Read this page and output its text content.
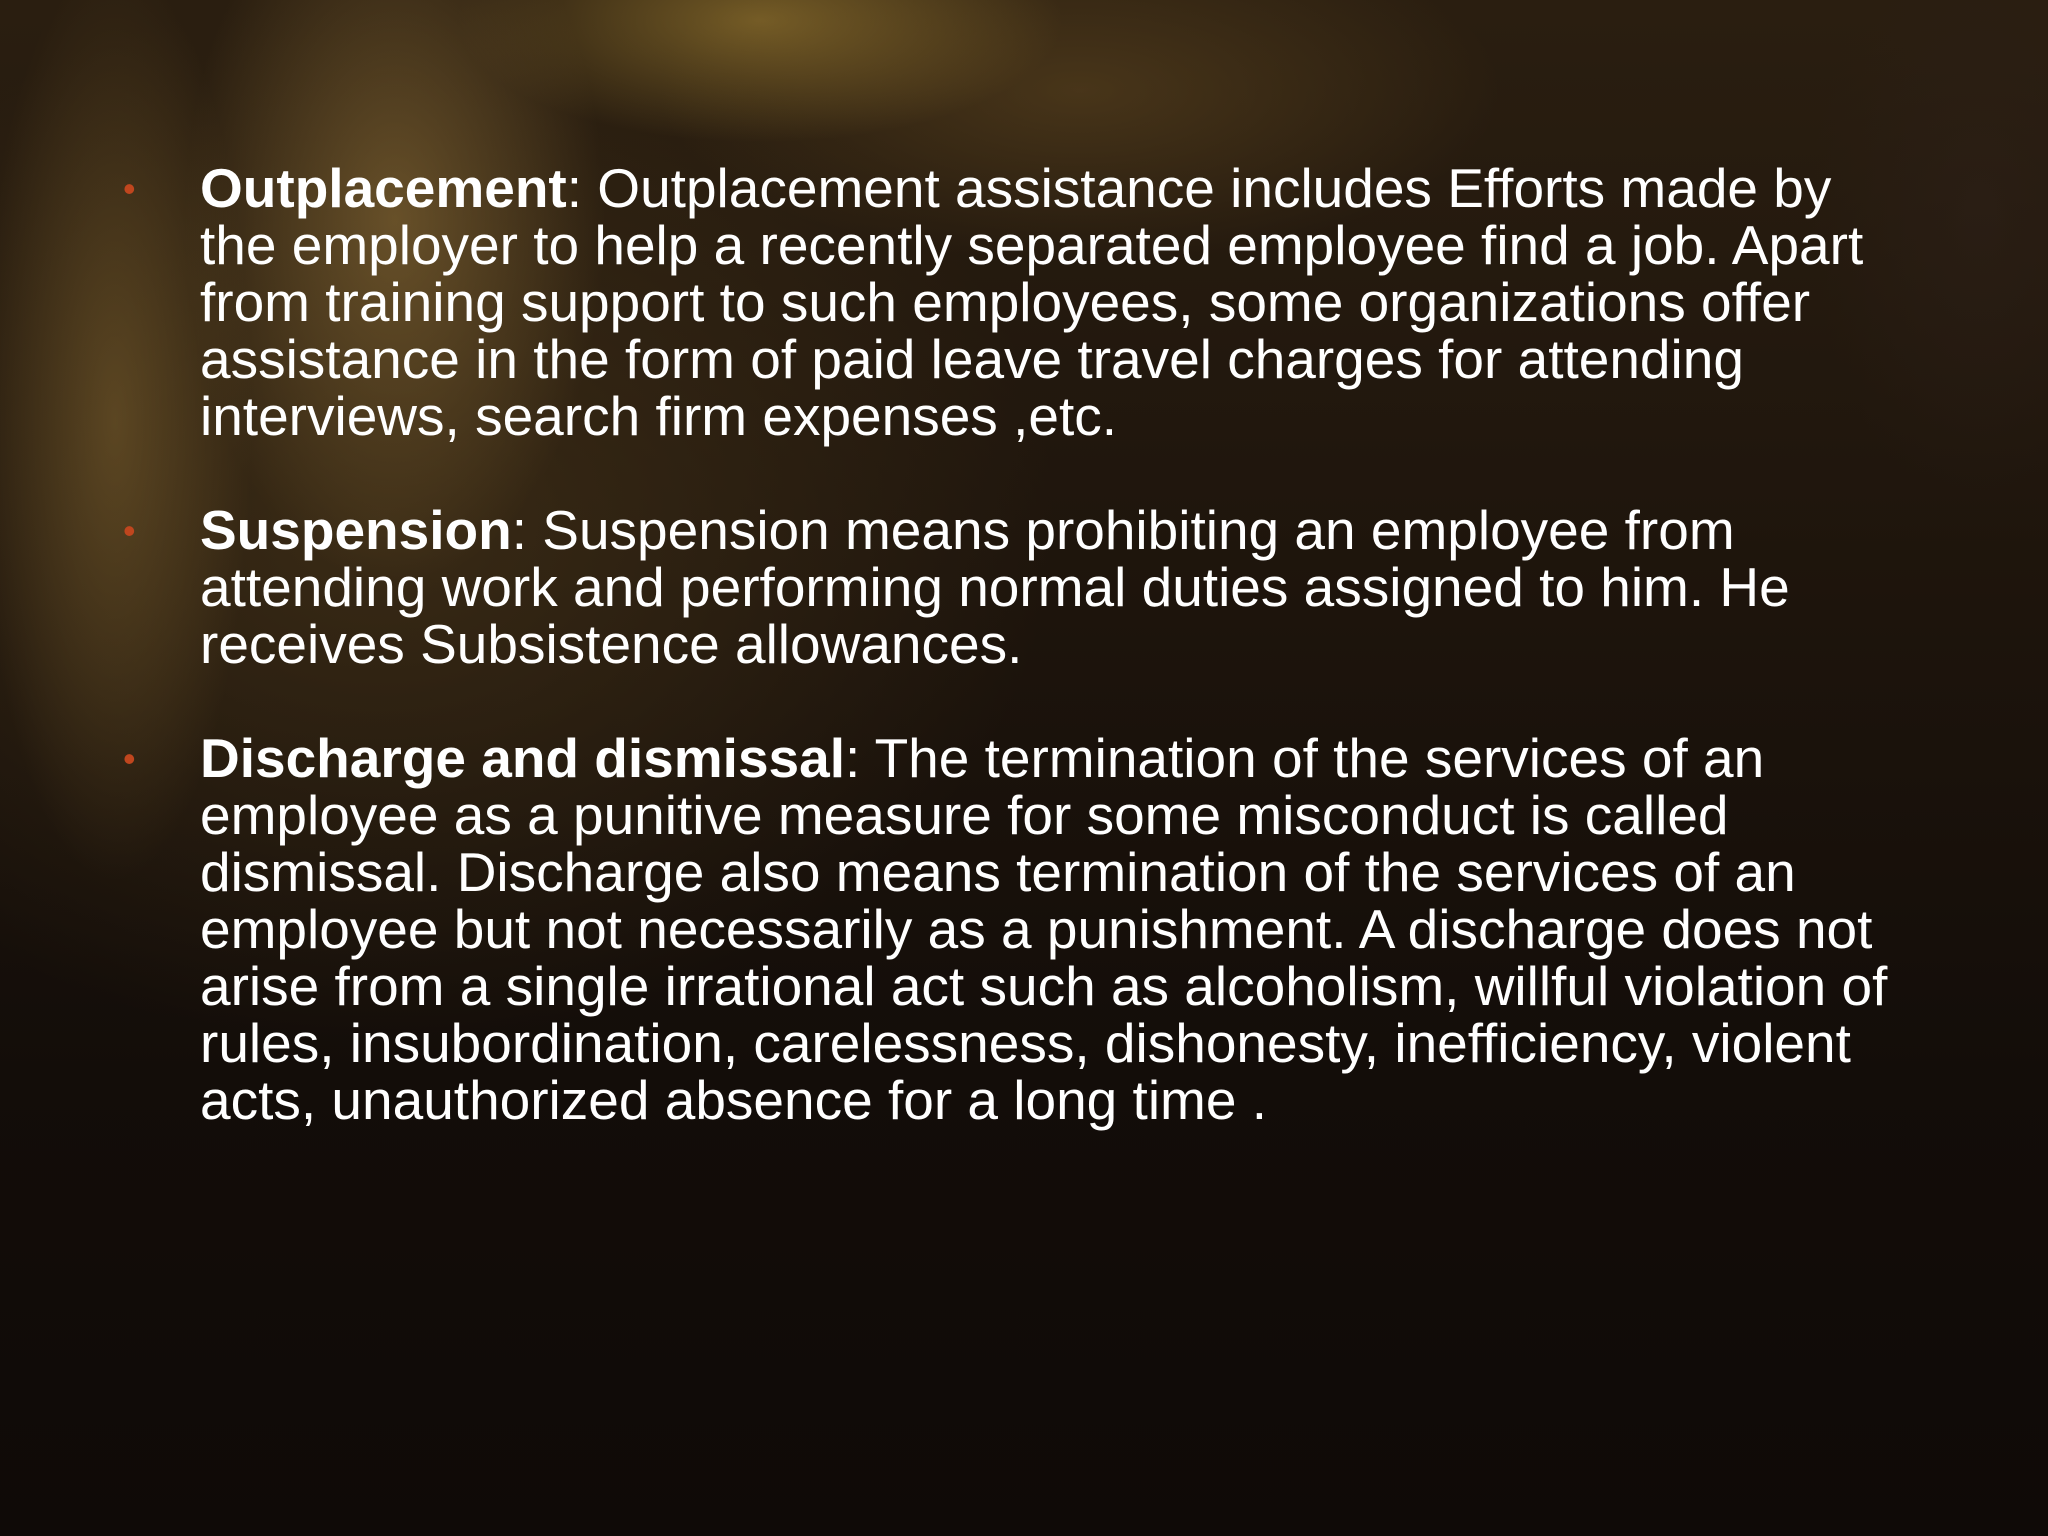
• Outplacement: Outplacement assistance includes Efforts made by the employer to help a recently separated employee find a job. Apart from training support to such employees, some organizations offer assistance in the form of paid leave travel charges for attending interviews, search firm expenses ,etc.
• Suspension: Suspension means prohibiting an employee from attending work and performing normal duties assigned to him. He receives Subsistence allowances.
• Discharge and dismissal: The termination of the services of an employee as a punitive measure for some misconduct is called dismissal. Discharge also means termination of the services of an employee but not necessarily as a punishment. A discharge does not arise from a single irrational act such as alcoholism, willful violation of rules, insubordination, carelessness, dishonesty, inefficiency, violent acts, unauthorized absence for a long time .
